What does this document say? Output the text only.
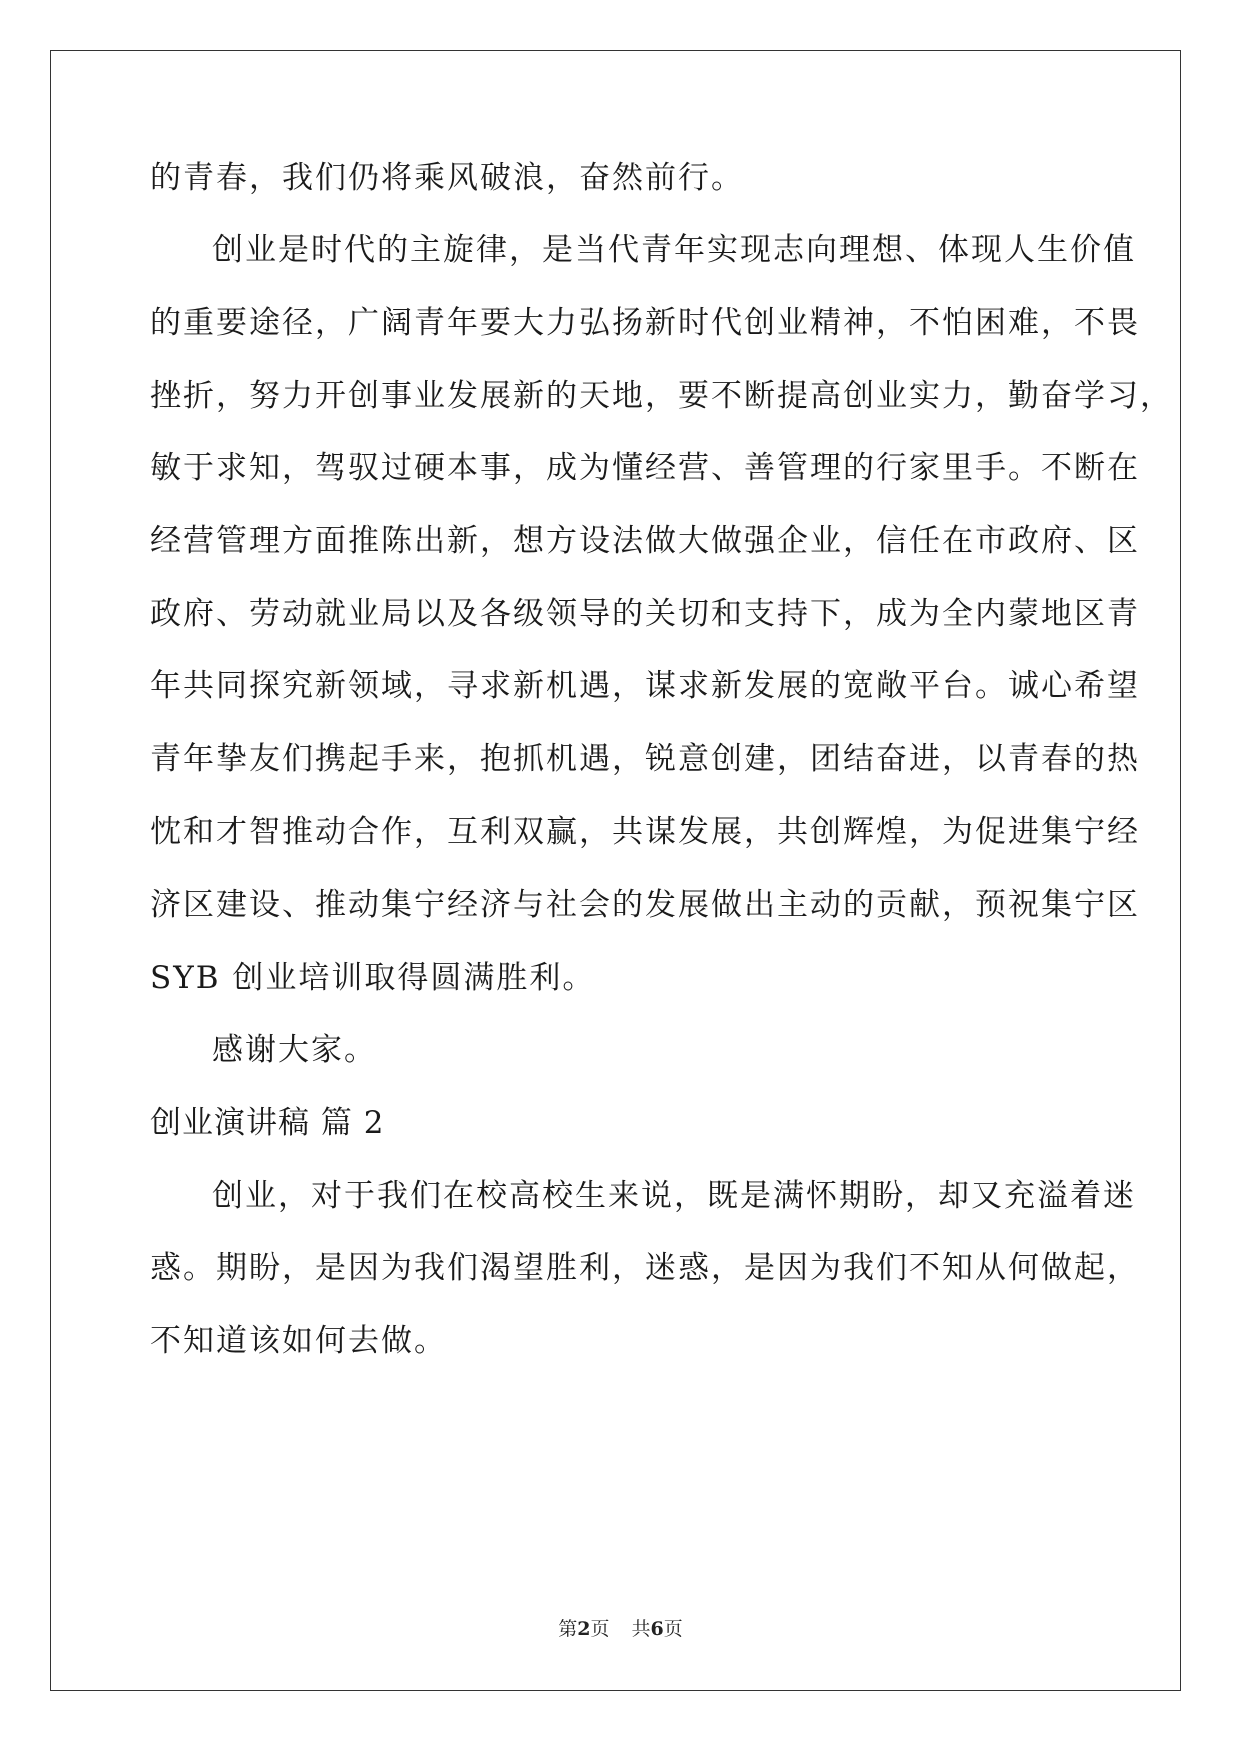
的青春，我们仍将乘风破浪，奋然前行。
创业是时代的主旋律，是当代青年实现志向理想、体现人生价值
的重要途径，广阔青年要大力弘扬新时代创业精神，不怕困难，不畏
挫折，努力开创事业发展新的天地，要不断提高创业实力，勤奋学习，
敏于求知，驾驭过硬本事，成为懂经营、善管理的行家里手。不断在
经营管理方面推陈出新，想方设法做大做强企业，信任在市政府、区
政府、劳动就业局以及各级领导的关切和支持下，成为全内蒙地区青
年共同探究新领域，寻求新机遇，谋求新发展的宽敞平台。诚心希望
青年挚友们携起手来，抱抓机遇，锐意创建，团结奋进，以青春的热
忱和才智推动合作，互利双赢，共谋发展，共创辉煌，为促进集宁经
济区建设、推动集宁经济与社会的发展做出主动的贡献，预祝集宁区
SYB 创业培训取得圆满胜利。
感谢大家。
创业演讲稿 篇 2
创业，对于我们在校高校生来说，既是满怀期盼，却又充溢着迷
惑。期盼，是因为我们渴望胜利，迷惑，是因为我们不知从何做起，
不知道该如何去做。
第2页 共6页
